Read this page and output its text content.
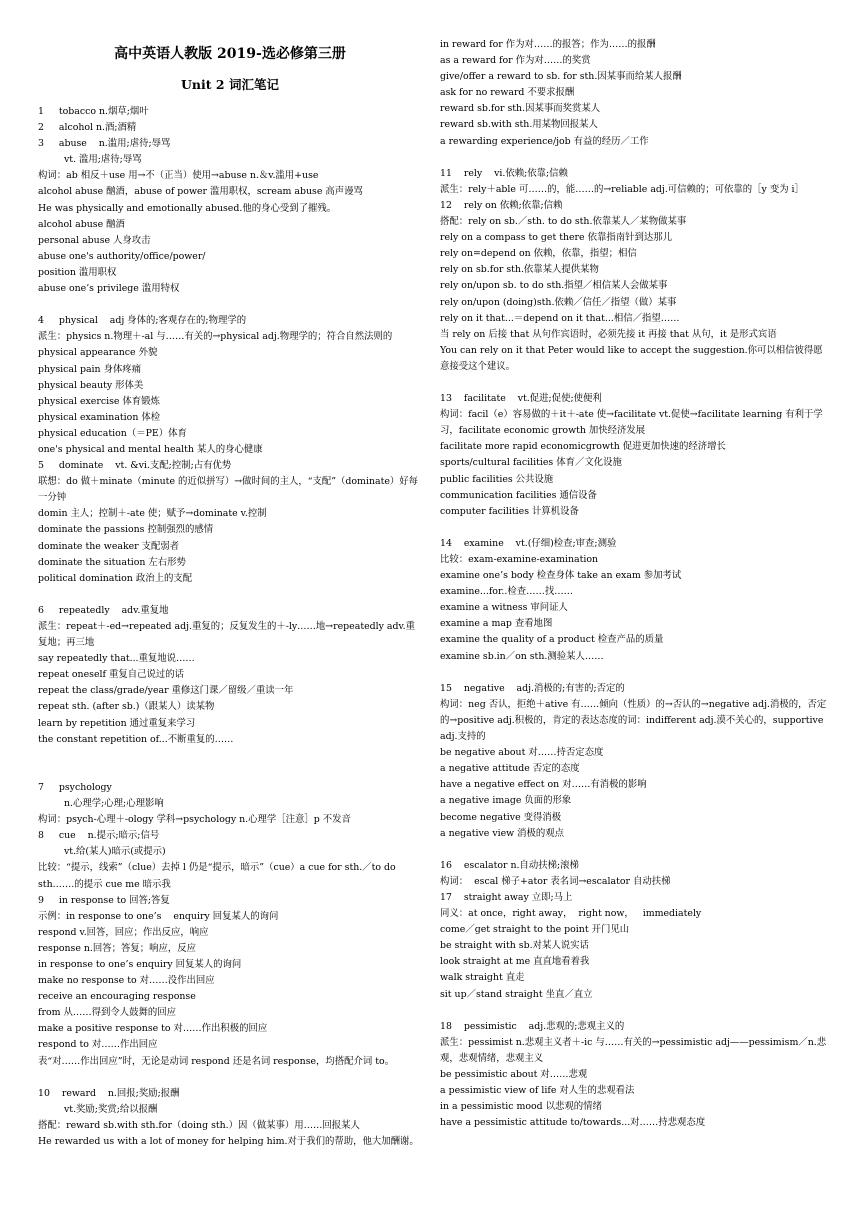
高中英语人教版 2019-选必修第三册
Unit 2 词汇笔记
1     tobacco n.烟草;烟叶
2     alcohol n.酒;酒精
3     abuse    n.滥用;虐待;辱骂
vt. 滥用;虐待;辱骂
构词：ab 相反＋use 用→不（正当）使用→abuse n.＆v.滥用+use
alcohol abuse 酗酒，abuse of power 滥用职权，scream abuse 高声谩骂
He was physically and emotionally abused.他的身心受到了摧残。
alcohol abuse 酗酒
personal abuse 人身攻击
abuse one's authority/office/power/
position 滥用职权
abuse one’s privilege 滥用特权
4     physical    adj 身体的;客观存在的;物理学的
派生：physics n.物理＋-al 与……有关的→physical adj.物理学的；符合自然法则的
physical appearance 外貌
physical pain 身体疼痛
physical beauty 形体美
physical exercise 体育锻炼
physical examination 体检
physical education（＝PE）体育
one's physical and mental health 某人的身心健康
5     dominate    vt. &vi.支配;控制;占有优势
联想：do 做＋minate（minute 的近似拼写）→做时间的主人，“支配”（dominate）好每一分钟
domin 主人；控制＋-ate 使；赋予→dominate v.控制
dominate the passions 控制强烈的感情
dominate the weaker 支配弱者
dominate the situation 左右形势
political domination 政治上的支配
6     repeatedly    adv.重复地
派生：repeat＋-ed→repeated adj.重复的；反复发生的＋-ly……地→repeatedly adv.重复地；再三地
say repeatedly that...重复地说……
repeat oneself 重复自己说过的话
repeat the class/grade/year 重修这门课／留级／重读一年
repeat sth. (after sb.)（跟某人）读某物
learn by repetition 通过重复来学习
the constant repetition of...不断重复的……
7     psychology
n.心理学;心理;心理影响
构词：psych-心理＋-ology 学科→psychology n.心理学［注意］p 不发音
8     cue    n.提示;暗示;信号
vt.给(某人)暗示(或提示)
比较：“提示，线索”（clue）去掉 l 仍是“提示，暗示”（cue）a cue for sth.／to do sth.……的提示 cue me 暗示我
9     in response to 回答;答复
示例：in response to one’s    enquiry 回复某人的询问
respond v.回答，回应；作出反应，响应
response n.回答；答复；响应，反应
in response to one’s enquiry 回复某人的询问
make no response to 对……没作出回应
receive an encouraging response
from 从……得到令人鼓舞的回应
make a positive response to 对……作出积极的回应
respond to 对……作出回应
表“对……作出回应”时，无论是动词 respond 还是名词 response，均搭配介词 to。
10    reward    n.回报;奖励;报酬
vt.奖励;奖赏;给以报酬
搭配：reward sb.with sth.for（doing sth.）因（做某事）用……回报某人
He rewarded us with a lot of money for helping him.对于我们的帮助，他大加酬谢。
in reward for 作为对……的报答；作为……的报酬
as a reward for 作为对……的奖赏
give/offer a reward to sb. for sth.因某事而给某人报酬
ask for no reward 不要求报酬
reward sb.for sth.因某事而奖赏某人
reward sb.with sth.用某物回报某人
a rewarding experience/job 有益的经历／工作
11    rely    vi.依赖;依靠;信赖
派生：rely＋able 可……的，能……的→reliable adj.可信赖的；可依靠的［y 变为 i］
12    rely on 依赖;依靠;信赖
搭配：rely on sb.／sth. to do sth.依靠某人／某物做某事
rely on a compass to get there 依靠指南针到达那儿
rely on=depend on 依赖，依靠，指望；相信
rely on sb.for sth.依靠某人提供某物
rely on/upon sb. to do sth.指望／相信某人会做某事
rely on/upon (doing)sth.依赖／信任／指望（做）某事
rely on it that...＝depend on it that...相信／指望……
当 rely on 后接 that 从句作宾语时，必须先接 it 再接 that 从句，it 是形式宾语
You can rely on it that Peter would like to accept the suggestion.你可以相信彼得愿意接受这个建议。
13    facilitate    vt.促进;促使;使便利
构词：facil（e）容易做的＋it＋-ate 使→facilitate vt.促使→facilitate learning 有利于学习，facilitate economic growth 加快经济发展
facilitate more rapid economicgrowth 促进更加快速的经济增长
sports/cultural facilities 体育／文化设施
public facilities 公共设施
communication facilities 通信设备
computer facilities 计算机设备
14    examine    vt.(仔细)检查;审查;测验
比较：exam-examine-examination
examine one’s body 检查身体 take an exam 参加考试
examine...for..检查……找……
examine a witness 审问证人
examine a map 查看地图
examine the quality of a product 检查产品的质量
examine sb.in／on sth.测验某人……
15    negative    adj.消极的;有害的;否定的
构词：neg 否认，拒绝＋ative 有……倾向（性质）的→否认的→negative adj.消极的，否定的→positive adj.积极的，肯定的表达态度的词：indifferent adj.漠不关心的，supportive adj.支持的
be negative about 对……持否定态度
a negative attitude 否定的态度
have a negative effect on 对……有消极的影响
a negative image 负面的形象
become negative 变得消极
a negative view 消极的观点
16    escalator n.自动扶梯;滚梯
构词：  escal 梯子+ator 表名词→escalator 自动扶梯
17    straight away 立即;马上
同义：at once，right away，  right now，   immediately
come／get straight to the point 开门见山
be straight with sb.对某人说实话
look straight at me 直直地看着我
walk straight 直走
sit up／stand straight 坐直／直立
18    pessimistic    adj.悲观的;悲观主义的
派生：pessimist n.悲观主义者＋-ic 与……有关的→pessimistic adj——pessimism／n.悲观，悲观情绪，悲观主义
be pessimistic about 对……悲观
a pessimistic view of life 对人生的悲观看法
in a pessimistic mood 以悲观的情绪
have a pessimistic attitude to/towards...对……持悲观态度
